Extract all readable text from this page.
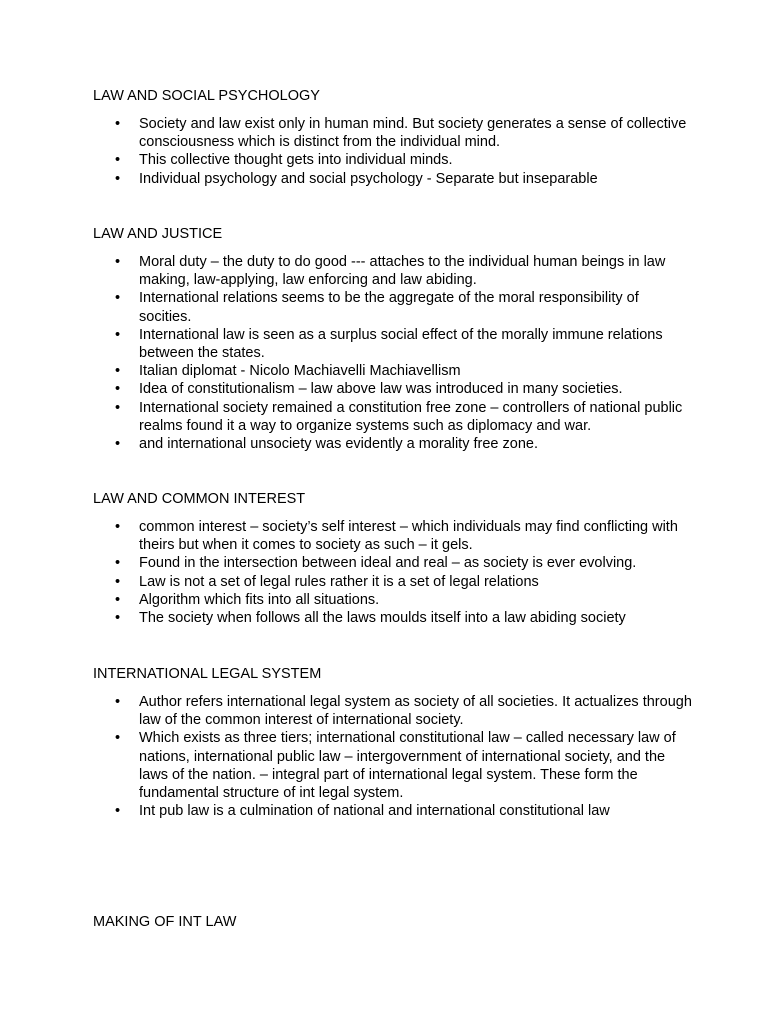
LAW AND SOCIAL PSYCHOLOGY
• Society and law exist only in human mind. But society generates a sense of collective consciousness which is distinct from the individual mind.
• This collective thought gets into individual minds.
• Individual psychology and social psychology - Separate but inseparable
LAW AND JUSTICE
• Moral duty – the duty to do good --- attaches to the individual human beings in law making, law-applying, law enforcing and law abiding.
• International relations seems to be the aggregate of the moral responsibility of socities.
• International law is seen as a surplus social effect of the morally immune relations between the states.
• Italian diplomat - Nicolo Machiavelli Machiavellism
• Idea of constitutionalism – law above law was introduced in many societies.
• International society remained a constitution free zone – controllers of national public realms found it a way to organize systems such as diplomacy and war.
• and international unsociety was evidently a morality free zone.
LAW AND COMMON INTEREST
• common interest – society’s self interest – which individuals may find conflicting with theirs but when it comes to society as such – it gels.
• Found in the intersection between ideal and real – as society is ever evolving.
• Law is not a set of legal rules rather it is a set of legal relations
• Algorithm which fits into all situations.
• The society when follows all the laws moulds itself into a law abiding society
INTERNATIONAL LEGAL SYSTEM
• Author refers international legal system as society of all societies. It actualizes through law of the common interest of international society.
• Which exists as three tiers; international constitutional law – called necessary law of nations, international public law – intergovernment of international society, and the laws of the nation. – integral part of international legal system. These form the fundamental structure of int legal system.
• Int pub law is a culmination of national and international constitutional law
MAKING OF INT LAW
